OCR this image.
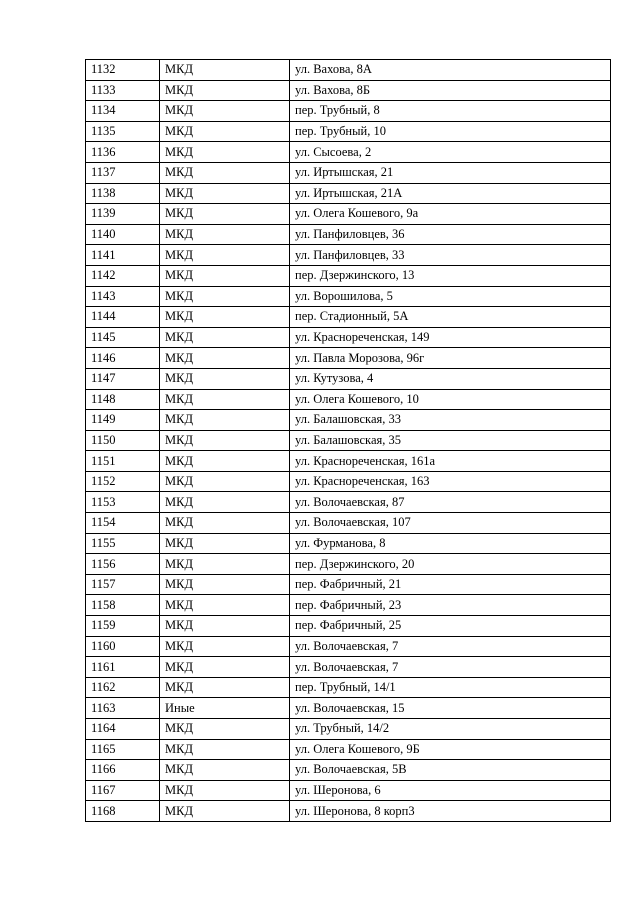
1132	МКД	ул. Вахова, 8А
1133	МКД	ул. Вахова, 8Б
1134	МКД	пер. Трубный, 8
1135	МКД	пер. Трубный, 10
1136	МКД	ул. Сысоева, 2
1137	МКД	ул. Иртышская, 21
1138	МКД	ул. Иртышская, 21А
1139	МКД	ул. Олега Кошевого, 9а
1140	МКД	ул. Панфиловцев, 36
1141	МКД	ул. Панфиловцев, 33
1142	МКД	пер. Дзержинского, 13
1143	МКД	ул. Ворошилова, 5
1144	МКД	пер. Стадионный, 5А
1145	МКД	ул. Краснореченская, 149
1146	МКД	ул. Павла Морозова, 96г
1147	МКД	ул. Кутузова, 4
1148	МКД	ул. Олега Кошевого, 10
1149	МКД	ул. Балашовская, 33
1150	МКД	ул. Балашовская, 35
1151	МКД	ул. Краснореченская, 161а
1152	МКД	ул. Краснореченская, 163
1153	МКД	ул. Волочаевская, 87
1154	МКД	ул. Волочаевская, 107
1155	МКД	ул. Фурманова, 8
1156	МКД	пер. Дзержинского, 20
1157	МКД	пер. Фабричный, 21
1158	МКД	пер. Фабричный, 23
1159	МКД	пер. Фабричный, 25
1160	МКД	ул. Волочаевская, 7
1161	МКД	ул. Волочаевская, 7
1162	МКД	пер. Трубный, 14/1
1163	Иные	ул. Волочаевская, 15
1164	МКД	ул. Трубный, 14/2
1165	МКД	ул. Олега Кошевого, 9Б
1166	МКД	ул. Волочаевская, 5В
1167	МКД	ул. Шеронова, 6
1168	МКД	ул. Шеронова, 8 корп3
